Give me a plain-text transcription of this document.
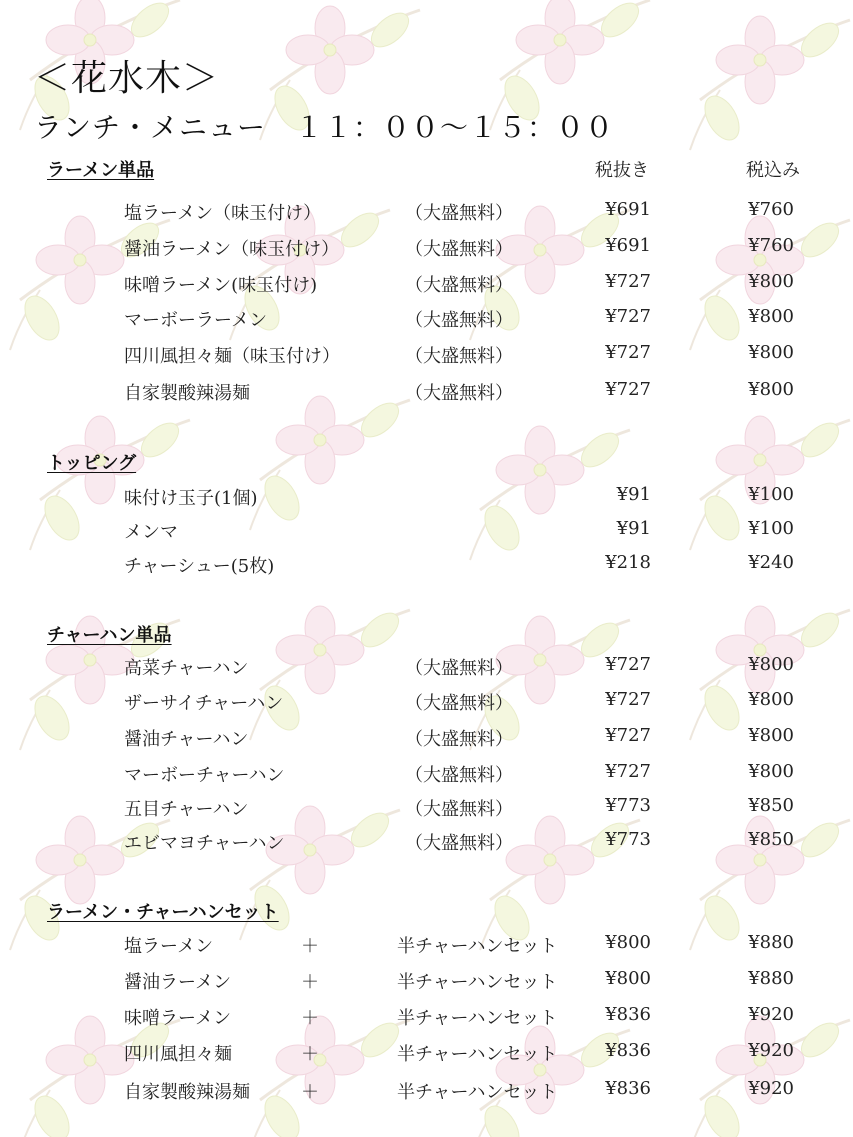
＜花水木＞
ランチ・メニュー　１１：００～１５：００
税抜き	税込み
ラーメン単品
塩ラーメン（味玉付け）	（大盛無料）	¥691	¥760
醤油ラーメン（味玉付け）	（大盛無料）	¥691	¥760
味噌ラーメン(味玉付け)	（大盛無料）	¥727	¥800
マーボーラーメン	（大盛無料）	¥727	¥800
四川風担々麺（味玉付け）	（大盛無料）	¥727	¥800
自家製酸辣湯麺	（大盛無料）	¥727	¥800
トッピング
味付け玉子(1個)	¥91	¥100
メンマ	¥91	¥100
チャーシュー(5枚)	¥218	¥240
チャーハン単品
高菜チャーハン	（大盛無料）	¥727	¥800
ザーサイチャーハン	（大盛無料）	¥727	¥800
醤油チャーハン	（大盛無料）	¥727	¥800
マーボーチャーハン	（大盛無料）	¥727	¥800
五目チャーハン	（大盛無料）	¥773	¥850
エビマヨチャーハン	（大盛無料）	¥773	¥850
ラーメン・チャーハンセット
塩ラーメン	＋	半チャーハンセット	¥800	¥880
醤油ラーメン	＋	半チャーハンセット	¥800	¥880
味噌ラーメン	＋	半チャーハンセット	¥836	¥920
四川風担々麺	＋	半チャーハンセット	¥836	¥920
自家製酸辣湯麺	＋	半チャーハンセット	¥836	¥920
